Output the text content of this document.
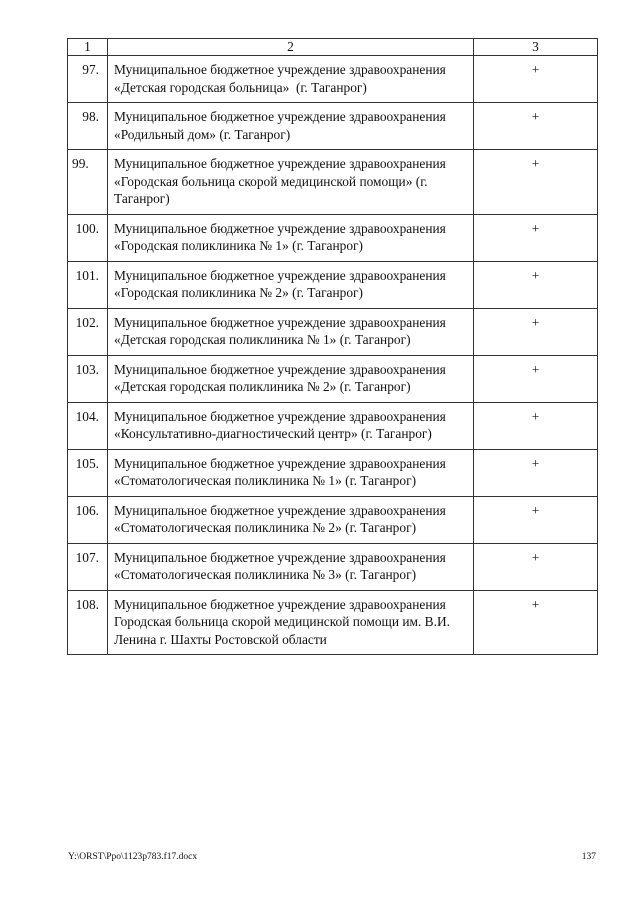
1	2	3
97.	Муниципальное бюджетное учреждение здравоохранения «Детская городская больница»  (г. Таганрог)	+
98.	Муниципальное бюджетное учреждение здравоохранения «Родильный дом» (г. Таганрог)	+
99.	Муниципальное бюджетное учреждение здравоохранения «Городская больница скорой медицинской помощи» (г. Таганрог)	+
100.	Муниципальное бюджетное учреждение здравоохранения «Городская поликлиника № 1» (г. Таганрог)	+
101.	Муниципальное бюджетное учреждение здравоохранения «Городская поликлиника № 2» (г. Таганрог)	+
102.	Муниципальное бюджетное учреждение здравоохранения «Детская городская поликлиника № 1» (г. Таганрог)	+
103.	Муниципальное бюджетное учреждение здравоохранения «Детская городская поликлиника № 2» (г. Таганрог)	+
104.	Муниципальное бюджетное учреждение здравоохранения «Консультативно-диагностический центр» (г. Таганрог)	+
105.	Муниципальное бюджетное учреждение здравоохранения «Стоматологическая поликлиника № 1» (г. Таганрог)	+
106.	Муниципальное бюджетное учреждение здравоохранения «Стоматологическая поликлиника № 2» (г. Таганрог)	+
107.	Муниципальное бюджетное учреждение здравоохранения «Стоматологическая поликлиника № 3» (г. Таганрог)	+
108.	Муниципальное бюджетное учреждение здравоохранения Городская больница скорой медицинской помощи им. В.И. Ленина г. Шахты Ростовской области	+
Y:\ORST\Ppo\1123p783.f17.docx	137
